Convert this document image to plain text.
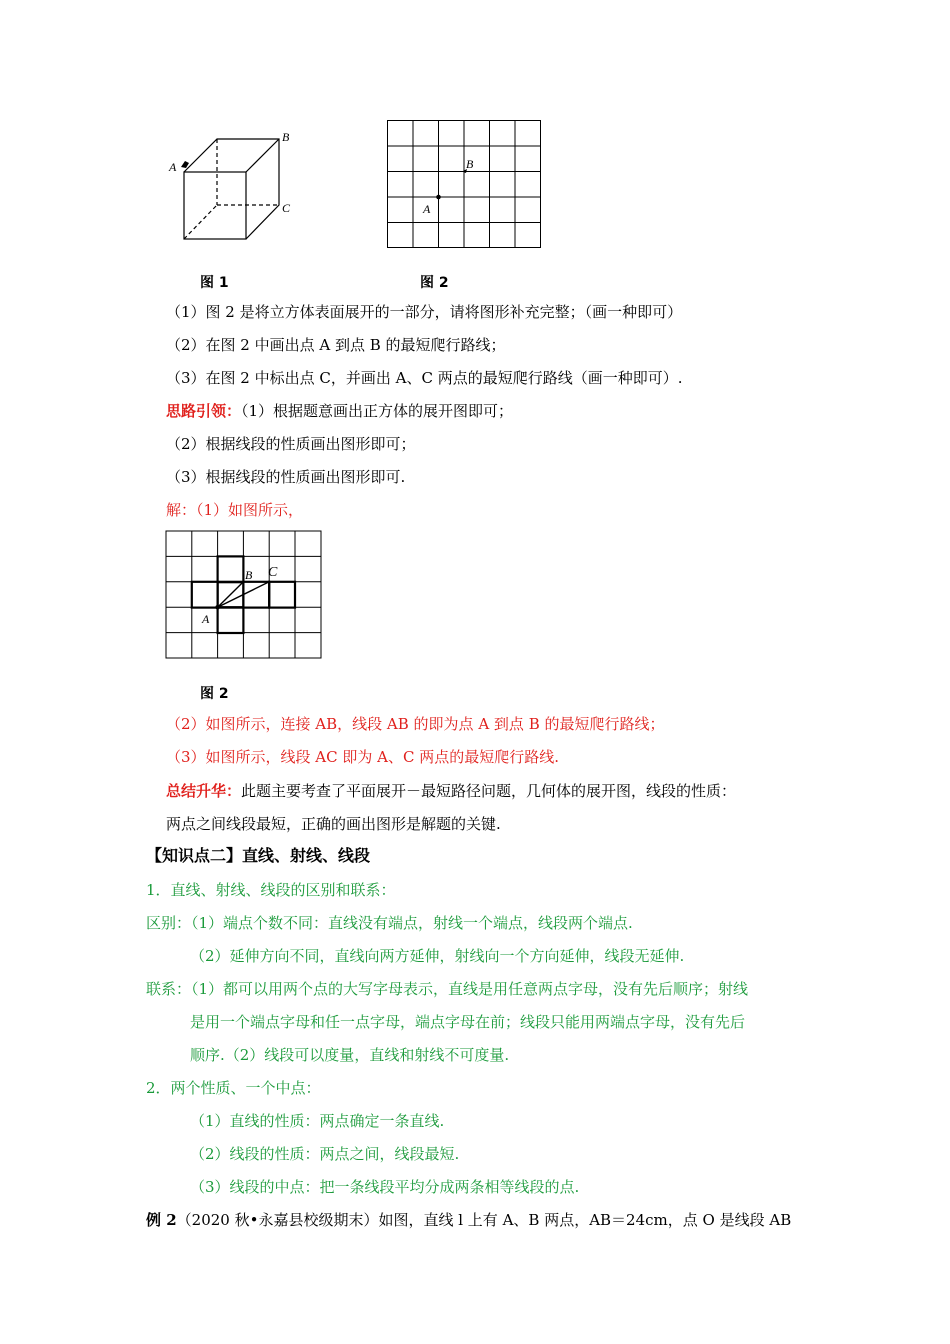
A
B
C
B
A
图 1	图 2
（1）图 2 是将立方体表面展开的一部分，请将图形补充完整；（画一种即可）
（2）在图 2 中画出点 A 到点 B 的最短爬行路线；
（3）在图 2 中标出点 C，并画出 A、C 两点的最短爬行路线（画一种即可）.
思路引领：（1）根据题意画出正方体的展开图即可；
（2）根据线段的性质画出图形即可；
（3）根据线段的性质画出图形即可.
解：（1）如图所示，
B C
A
图 2
（2）如图所示，连接 AB，线段 AB 的即为点 A 到点 B 的最短爬行路线；
（3）如图所示，线段 AC 即为 A、C 两点的最短爬行路线.
总结升华：此题主要考查了平面展开－最短路径问题，几何体的展开图，线段的性质：
两点之间线段最短，正确的画出图形是解题的关键.
【知识点二】直线、射线、线段
1．直线、射线、线段的区别和联系：
区别：（1）端点个数不同：直线没有端点，射线一个端点，线段两个端点.
（2）延伸方向不同，直线向两方延伸，射线向一个方向延伸，线段无延伸.
联系：（1）都可以用两个点的大写字母表示，直线是用任意两点字母，没有先后顺序；射线
是用一个端点字母和任一点字母，端点字母在前；线段只能用两端点字母，没有先后
顺序.（2）线段可以度量，直线和射线不可度量.
2．两个性质、一个中点：
（1）直线的性质：两点确定一条直线.
（2）线段的性质：两点之间，线段最短.
（3）线段的中点：把一条线段平均分成两条相等线段的点.
例 2（2020 秋•永嘉县校级期末）如图，直线 l 上有 A、B 两点，AB＝24cm，点 O 是线段 AB
